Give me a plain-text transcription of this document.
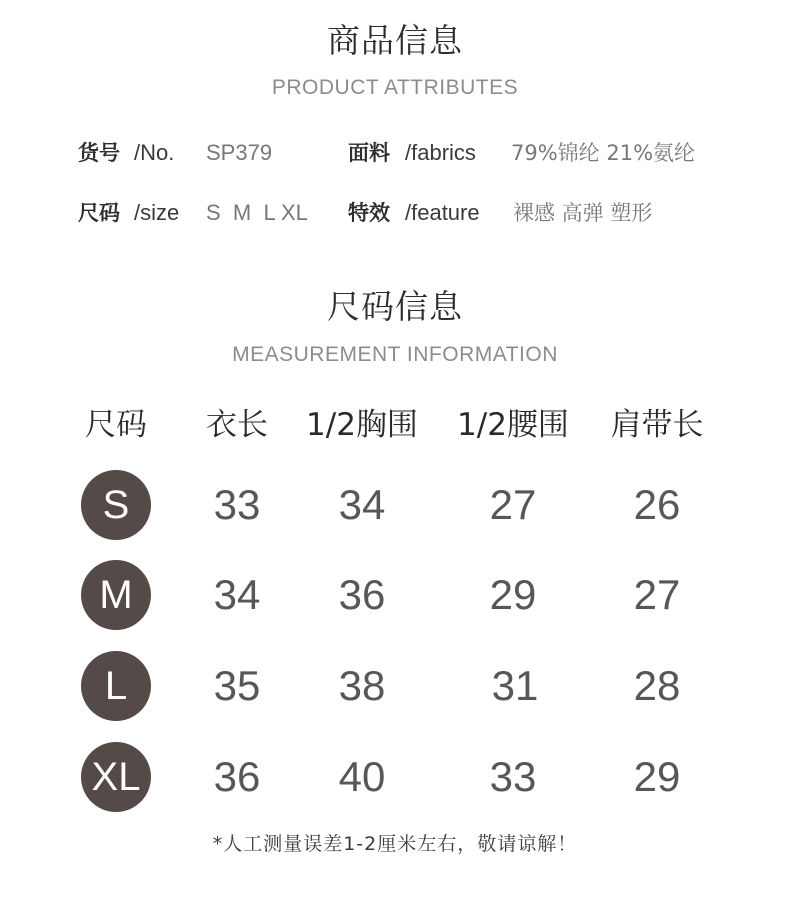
商品信息
PRODUCT ATTRIBUTES
货号 /No. SP379	面料 /fabrics 79%锦纶 21%氨纶
尺码 /size S  M  L XL 特效 /feature 裸感 高弹 塑形
尺码信息
MEASUREMENT INFORMATION
尺码	衣长	1/2胸围	1/2腰围	肩带长
S	33	34	27	26
M	34	36	29	27
L	35	38	31	28
XL	36	40	33	29
*人工测量误差1-2厘米左右，敬请谅解！
